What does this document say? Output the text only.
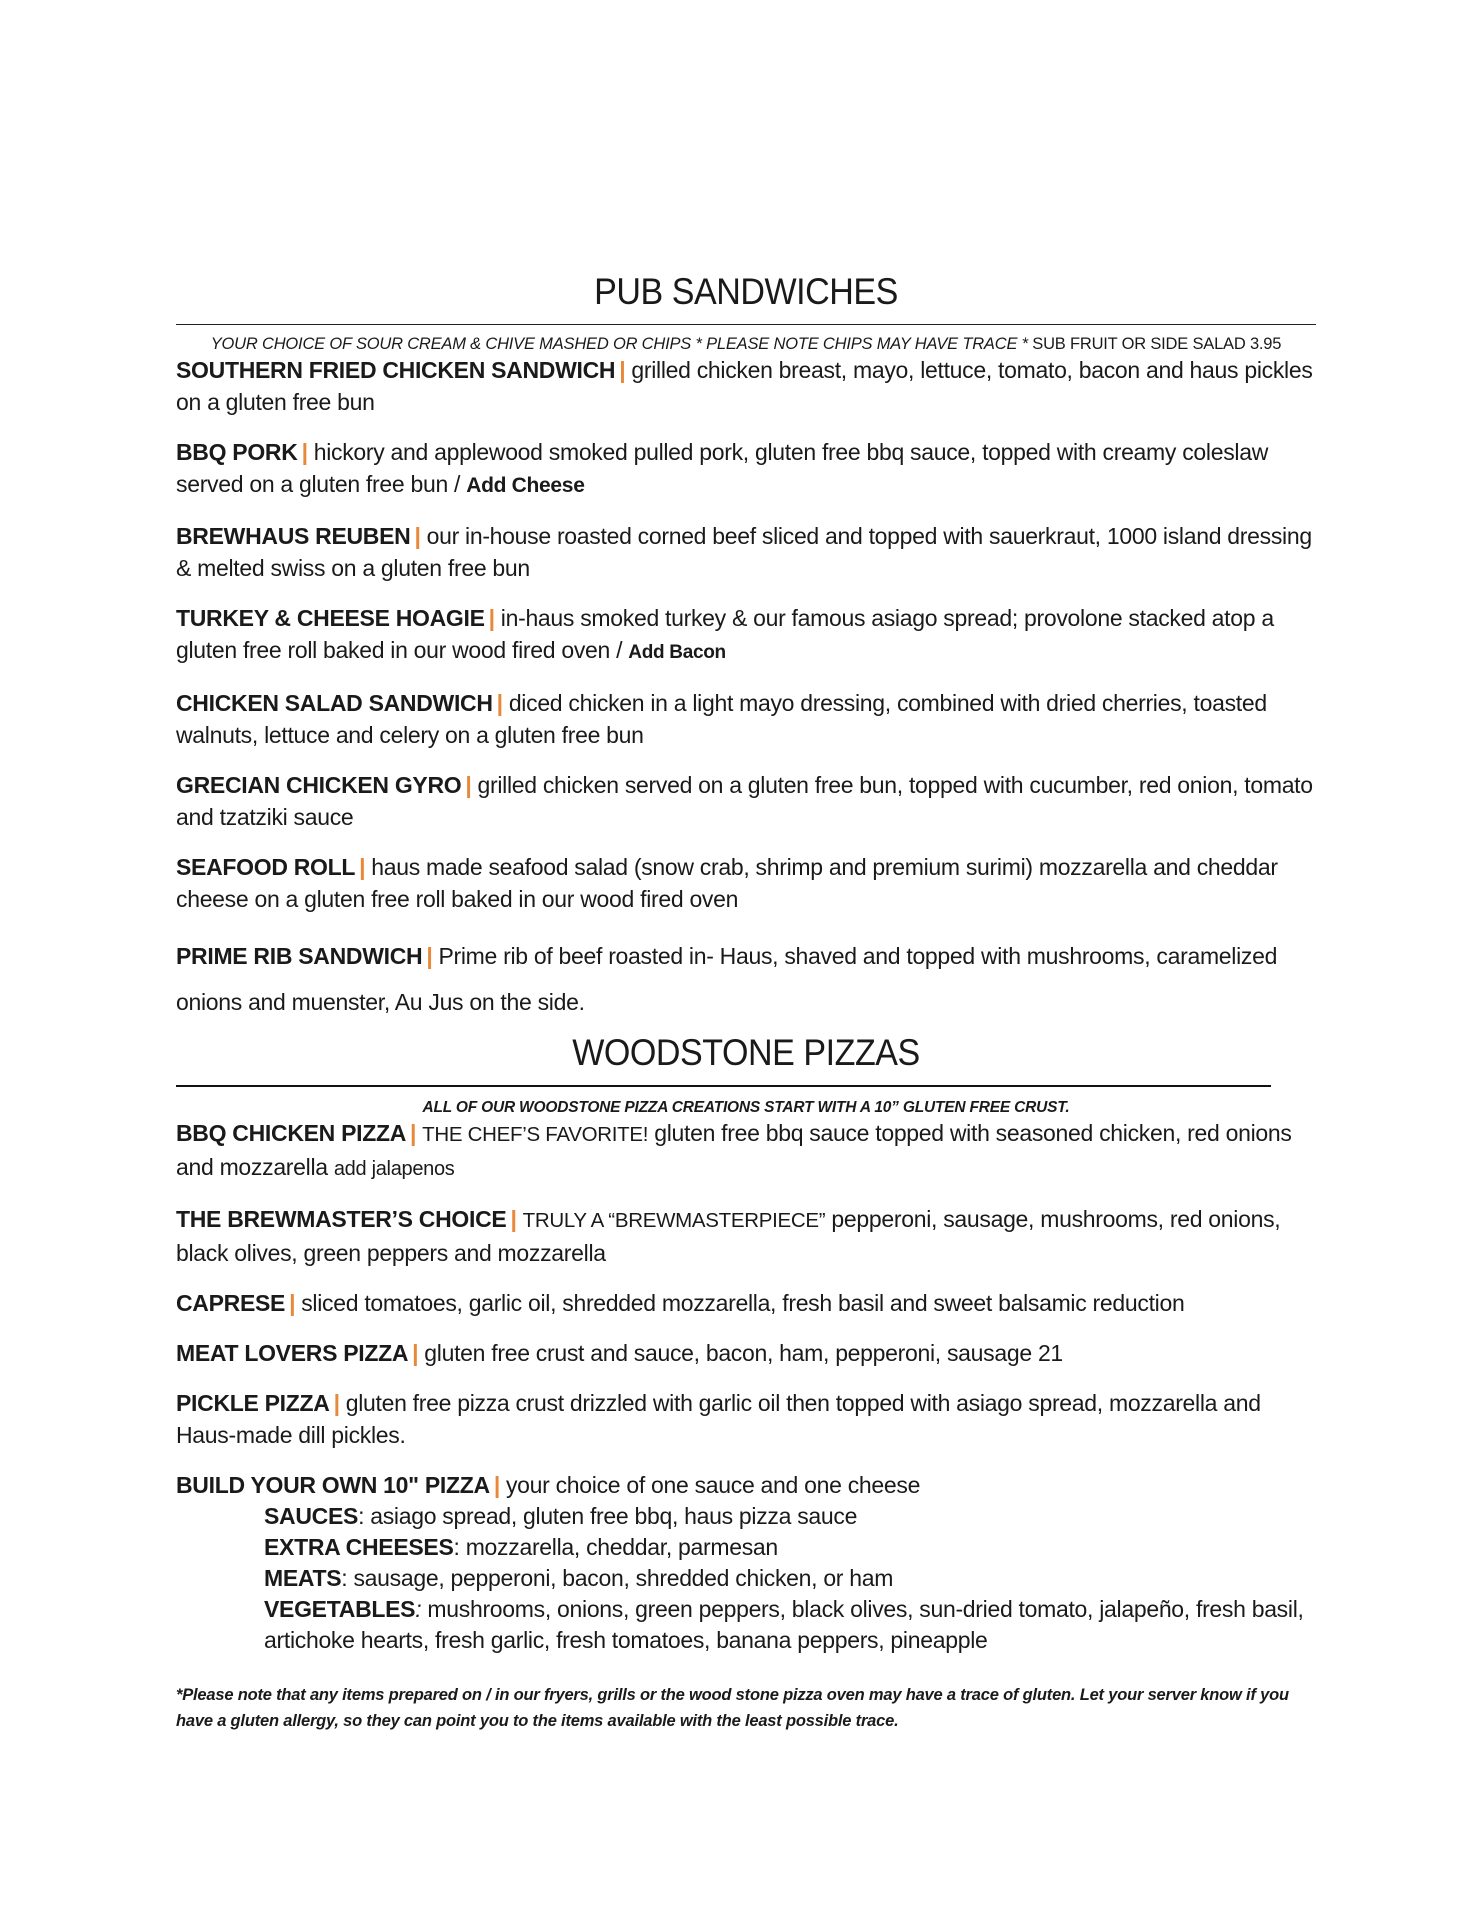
PUB SANDWICHES

YOUR CHOICE OF SOUR CREAM & CHIVE MASHED OR CHIPS * PLEASE NOTE CHIPS MAY HAVE TRACE * SUB FRUIT OR SIDE SALAD 3.95

SOUTHERN FRIED CHICKEN SANDWICH | grilled chicken breast, mayo, lettuce, tomato, bacon and haus pickles on a gluten free bun
BBQ PORK | hickory and applewood smoked pulled pork, gluten free bbq sauce, topped with creamy coleslaw served on a gluten free bun / Add Cheese
BREWHAUS REUBEN | our in-house roasted corned beef sliced and topped with sauerkraut, 1000 island dressing & melted swiss on a gluten free bun
TURKEY & CHEESE HOAGIE | in-haus smoked turkey & our famous asiago spread; provolone stacked atop a gluten free roll baked in our wood fired oven / Add Bacon
CHICKEN SALAD SANDWICH | diced chicken in a light mayo dressing, combined with dried cherries, toasted walnuts, lettuce and celery on a gluten free bun
GRECIAN CHICKEN GYRO | grilled chicken served on a gluten free bun, topped with cucumber, red onion, tomato and tzatziki sauce
SEAFOOD ROLL | haus made seafood salad (snow crab, shrimp and premium surimi) mozzarella and cheddar cheese on a gluten free roll baked in our wood fired oven
PRIME RIB SANDWICH | Prime rib of beef roasted in- Haus, shaved and topped with mushrooms, caramelized onions and muenster, Au Jus on the side.
WOODSTONE PIZZAS

ALL OF OUR WOODSTONE PIZZA CREATIONS START WITH A 10” GLUTEN FREE CRUST.

BBQ CHICKEN PIZZA | THE CHEF’S FAVORITE! gluten free bbq sauce topped with seasoned chicken, red onions and mozzarella add jalapenos
THE BREWMASTER’S CHOICE | TRULY A “BREWMASTERPIECE” pepperoni, sausage, mushrooms, red onions, black olives, green peppers and mozzarella
CAPRESE | sliced tomatoes, garlic oil, shredded mozzarella, fresh basil and sweet balsamic reduction
MEAT LOVERS PIZZA | gluten free crust and sauce, bacon, ham, pepperoni, sausage 21
PICKLE PIZZA | gluten free pizza crust drizzled with garlic oil then topped with asiago spread, mozzarella and Haus-made dill pickles.
BUILD YOUR OWN 10" PIZZA | your choice of one sauce and one cheese
SAUCES: asiago spread, gluten free bbq, haus pizza sauce
EXTRA CHEESES: mozzarella, cheddar, parmesan
MEATS: sausage, pepperoni, bacon, shredded chicken, or ham
VEGETABLES: mushrooms, onions, green peppers, black olives, sun-dried tomato, jalapeño, fresh basil, artichoke hearts, fresh garlic, fresh tomatoes, banana peppers, pineapple

*Please note that any items prepared on / in our fryers, grills or the wood stone pizza oven may have a trace of gluten. Let your server know if you have a gluten allergy, so they can point you to the items available with the least possible trace.
